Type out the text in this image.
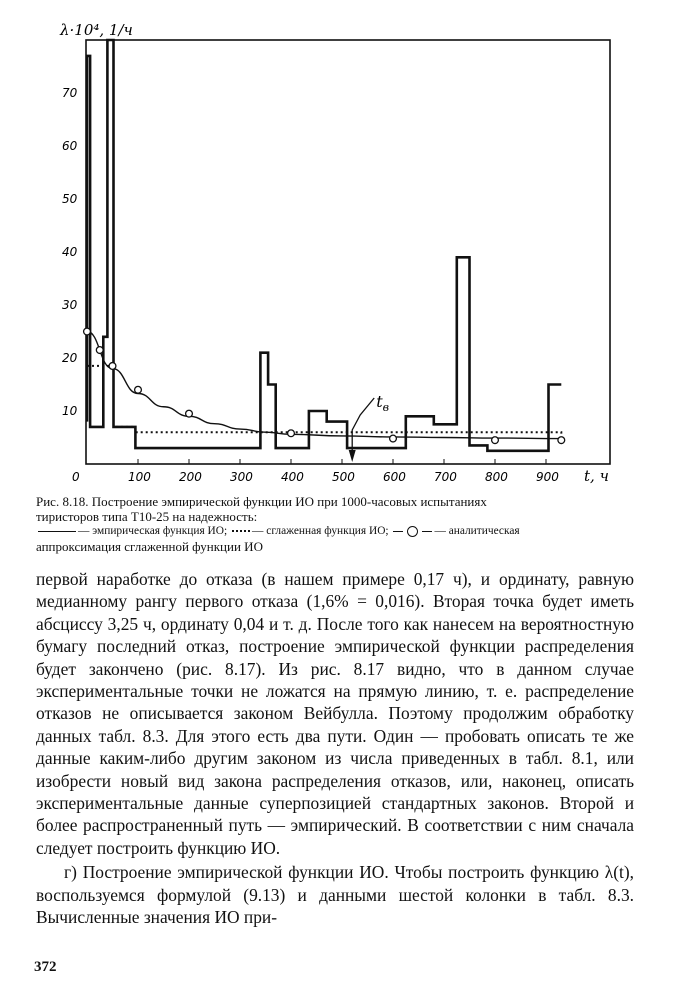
λ·10⁴, 1/ч
t, ч
10
20
30
40
50
60
70
0	100 200 300 400 500 600 700 800 900
$t_в$
Рис. 8.18. Построение эмпирической функции ИО при 1000-часовых испытаниях
тиристоров типа Т10-25 на надежность:
— эмпирическая функция ИО; — сглаженная функция ИО;	— аналитическая
аппроксимация сглаженной функции ИО

первой наработке до отказа (в нашем примере 0,17 ч), и ординату, равную медианному рангу первого отказа (1,6% = 0,016). Вторая точка будет иметь абсциссу 3,25 ч, ординату 0,04 и т. д. После того как нанесем на вероятностную бумагу последний отказ, построение эмпирической функции распределения будет закончено (рис. 8.17). Из рис. 8.17 видно, что в данном случае экспериментальные точки не ложатся на прямую линию, т. е. распределение отказов не описывается законом Вейбулла. Поэтому продолжим обработку данных табл. 8.3. Для этого есть два пути. Один — пробовать описать те же данные каким-либо другим законом из числа приведенных в табл. 8.1, или изобрести новый вид закона распределения отказов, или, наконец, описать экспериментальные данные суперпозицией стандартных законов. Второй и более распространенный путь — эмпирический. В соответствии с ним сначала следует построить функцию ИО.

г) Построение эмпирической функции ИО. Чтобы построить функцию λ(t), воспользуемся формулой (9.13) и данными шестой колонки в табл. 8.3. Вычисленные значения ИО при-

372
